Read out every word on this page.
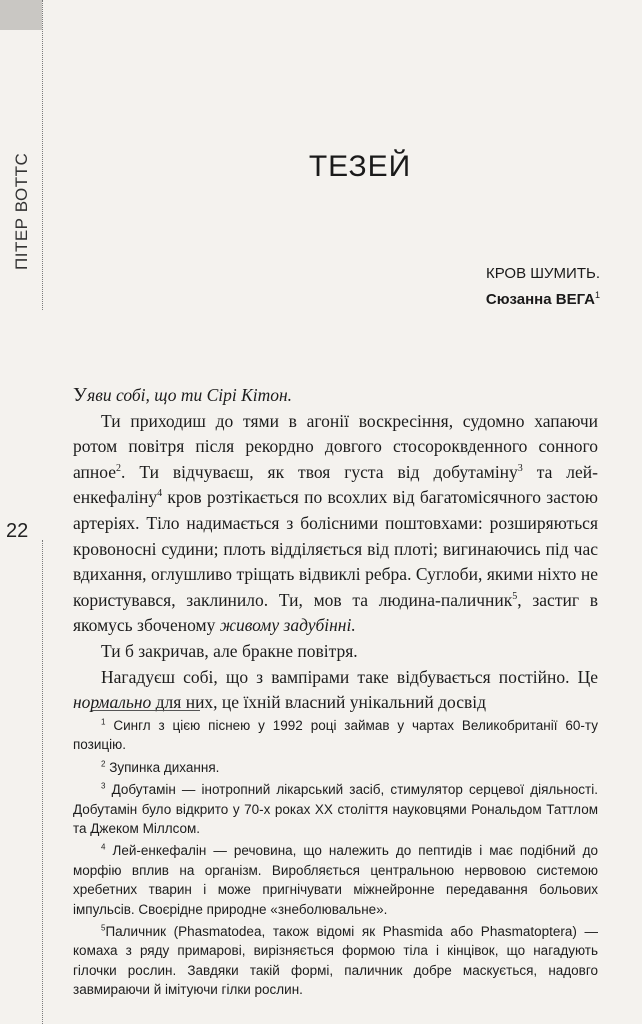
ПІТЕР ВОТТС
22
ТЕЗЕЙ

КРОВ ШУМИТЬ.

Сюзанна ВЕГА$^1$

Уяви собі, що ти Сірі Кітон.

Ти приходиш до тями в агонії воскресіння, судомно хапаючи ротом повітря після рекордно довгого стосороквденного сонного апное$^2$. Ти відчуваєш, як твоя густа від добутаміну$^3$ та лей-енкефаліну$^4$ кров розтікається по всохлих від багатомісячного застою артеріях. Тіло надимається з болісними поштовхами: розширяються кровоносні судини; плоть відділяється від плоті; вигинаючись під час вдихання, оглушливо тріщать відвиклі ребра. Суглоби, якими ніхто не користувався, заклинило. Ти, мов та людина-паличник$^5$, застиг в якомусь збоченому живому задубінні.

Ти б закричав, але бракне повітря.

Нагадуєш собі, що з вампірами таке відбувається постійно. Це нормально для них, це їхній власний унікальний досвід

$^1$ Сингл з цією піснею у 1992 році займав у чартах Великобританії 60-ту позицію.

$^2$ Зупинка дихання.

$^3$ Добутамін — інотропний лікарський засіб, стимулятор серцевої діяльності. Добутамін було відкрито у 70-х роках XX століття науковцями Рональдом Таттлом та Джеком Міллсом.

$^4$ Лей-енкефалін — речовина, що належить до пептидів і має подібний до морфію вплив на організм. Виробляється центральною нервовою системою хребетних тварин і може пригнічувати міжнейронне передавання больових імпульсів. Своєрідне природне «знеболювальне».

$^5$Паличник (Phasmatodea, також відомі як Phasmida або Phasmatoptera) — комаха з ряду примарові, вирізняється формою тіла і кінцівок, що нагадують гілочки рослин. Завдяки такій формі, паличник добре маскується, надовго завмираючи й імітуючи гілки рослин.
